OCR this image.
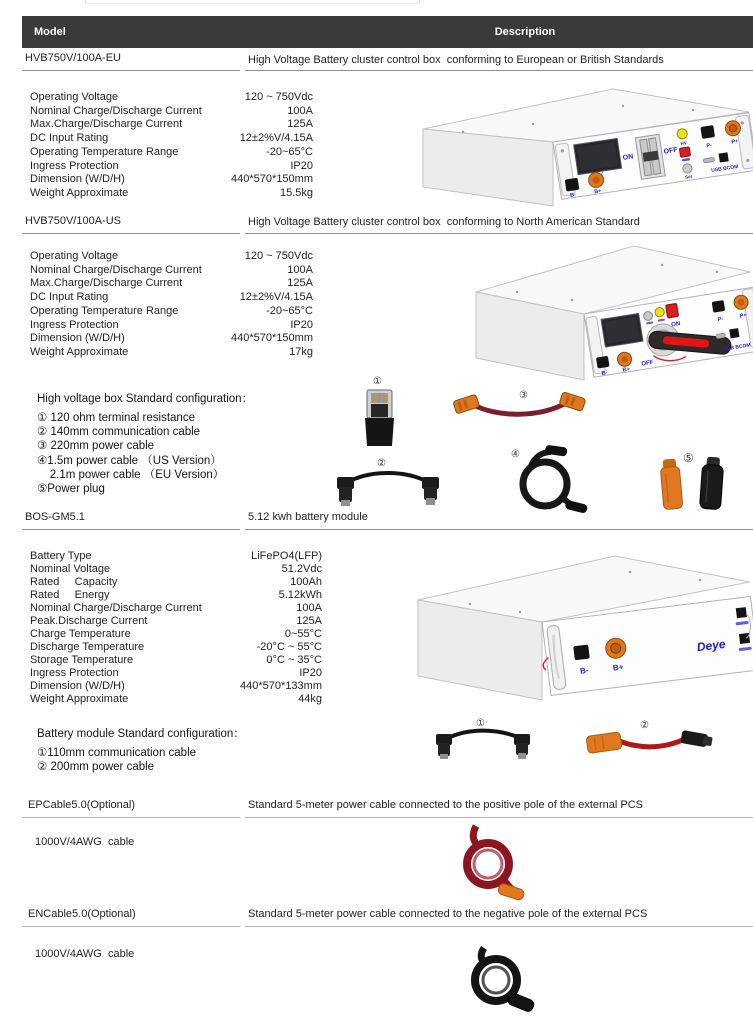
Model	Description
HVB750V/100A-EU	High Voltage Battery cluster control box  conforming to European or British Standards
Operating Voltage	120 ~ 750Vdc
Nominal Charge/Discharge Current	100A
Max.Charge/Discharge Current	125A
DC Input Rating	12±2%V/4.15A
Operating Temperature Range	-20~65°C
Ingress Protection	IP20
Dimension (W/D/H)	440*570*150mm
Weight Approximate	15.5kg
ON
OFF
HV
Set
P-
P+
USB BCOM
B-
B+
HVB750V/100A-US	High Voltage Battery cluster control box  conforming to North American Standard
Operating Voltage	120 ~ 750Vdc
Nominal Charge/Discharge Current	100A
Max.Charge/Discharge Current	125A
DC Input Rating	12±2%V/4.15A
Operating Temperature Range	-20~65°C
Ingress Protection	IP20
Dimension (W/D/H)	440*570*150mm
Weight Approximate	17kg
ON
OFF
P-
P+
USB BCOM
B-	B+
High voltage box Standard configuration：
① 120 ohm terminal resistance
② 140mm communication cable
③ 220mm power cable
④1.5m power cable （US Version）
2.1m power cable （EU Version）
⑤Power plug
①
③
②
④	⑤
BOS-GM5.1	5.12 kwh battery module
Battery Type	LiFePO4(LFP)
Nominal Voltage	51.2Vdc
Rated     Capacity	100Ah
Rated     Energy	5.12kWh
Nominal Charge/Discharge Current	100A
Peak.Discharge Current	125A
Charge Temperature	0~55°C
Discharge Temperature	-20°C ~ 55°C
Storage Temperature	0°C ~ 35°C
Ingress Protection	IP20
Dimension (W/D/H)	440*570*133mm
Weight Approximate	44kg
B-	B+
Deye
Battery module Standard configuration：
①110mm communication cable
② 200mm power cable
①	②
EPCable5.0(Optional)	Standard 5-meter power cable connected to the positive pole of the external PCS
1000V/4AWG  cable
ENCable5.0(Optional)	Standard 5-meter power cable connected to the negative pole of the external PCS
1000V/4AWG  cable
